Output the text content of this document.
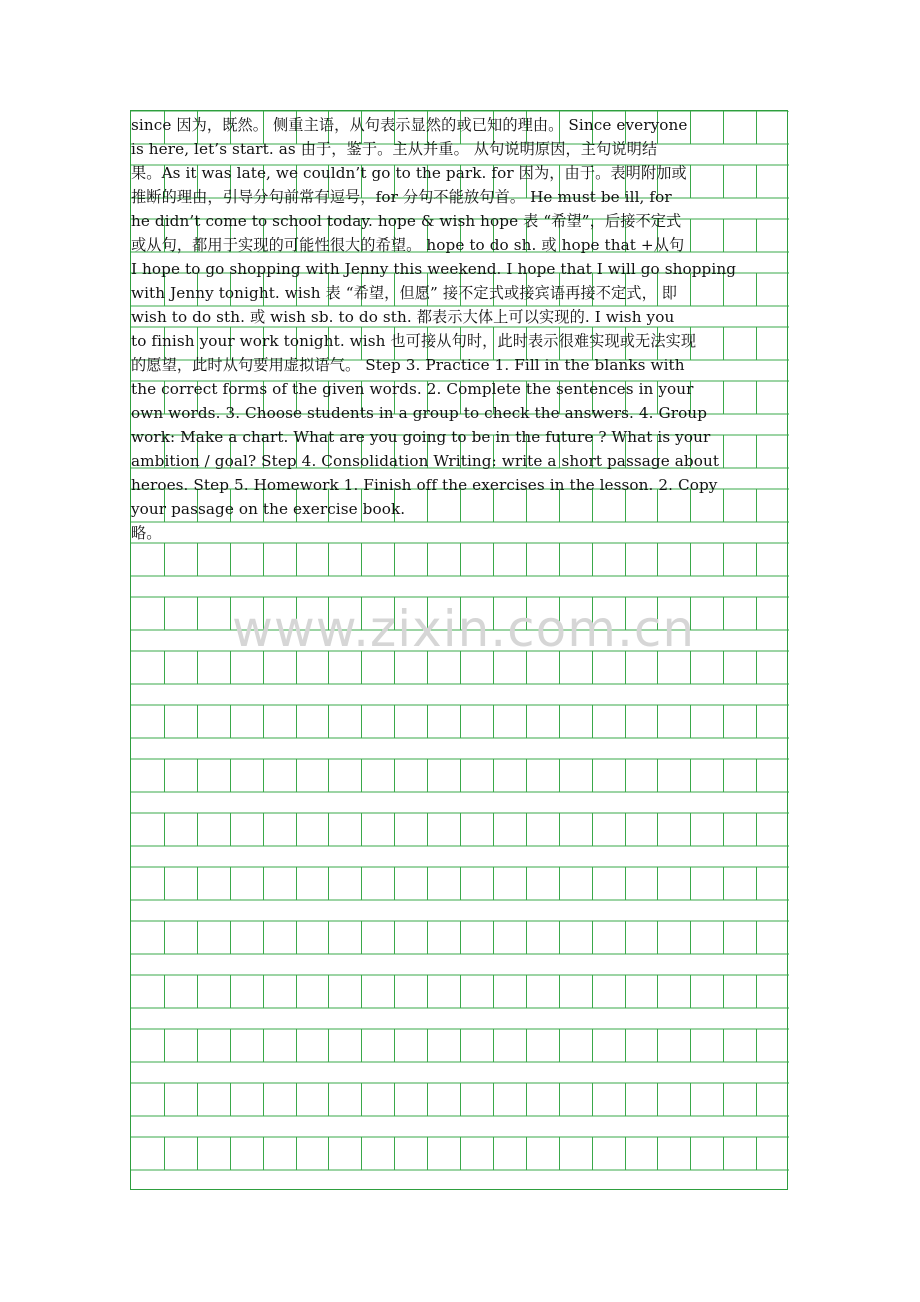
www.zixin.com.cn
since 因为，既然。 侧重主语，从句表示显然的或已知的理由。 Since everyone
is here, let’s start. as 由于，鉴于。主从并重。 从句说明原因，主句说明结
果。As it was late, we couldn’t go to the park. for 因为，由于。表明附加或
推断的理由，引导分句前常有逗号，for 分句不能放句首。 He must be ill, for
he didn’t come to school today. hope & wish hope 表 “希望”，后接不定式
或从句，都用于实现的可能性很大的希望。 hope to do sh. 或 hope that +从句
I hope to go shopping with Jenny this weekend. I hope that I will go shopping
with Jenny tonight. wish 表 “希望，但愿” 接不定式或接宾语再接不定式， 即
wish to do sth. 或 wish sb. to do sth. 都表示大体上可以实现的. I wish you
to finish your work tonight. wish 也可接从句时，此时表示很难实现或无法实现
的愿望，此时从句要用虚拟语气。 Step 3. Practice 1. Fill in the blanks with
the correct forms of the given words. 2. Complete the sentences in your
own words. 3. Choose students in a group to check the answers. 4. Group
work: Make a chart. What are you going to be in the future ? What is your
ambition / goal? Step 4. Consolidation Writing: write a short passage about
heroes. Step 5. Homework 1. Finish off the exercises in the lesson. 2. Copy
your passage on the exercise book.
略。
